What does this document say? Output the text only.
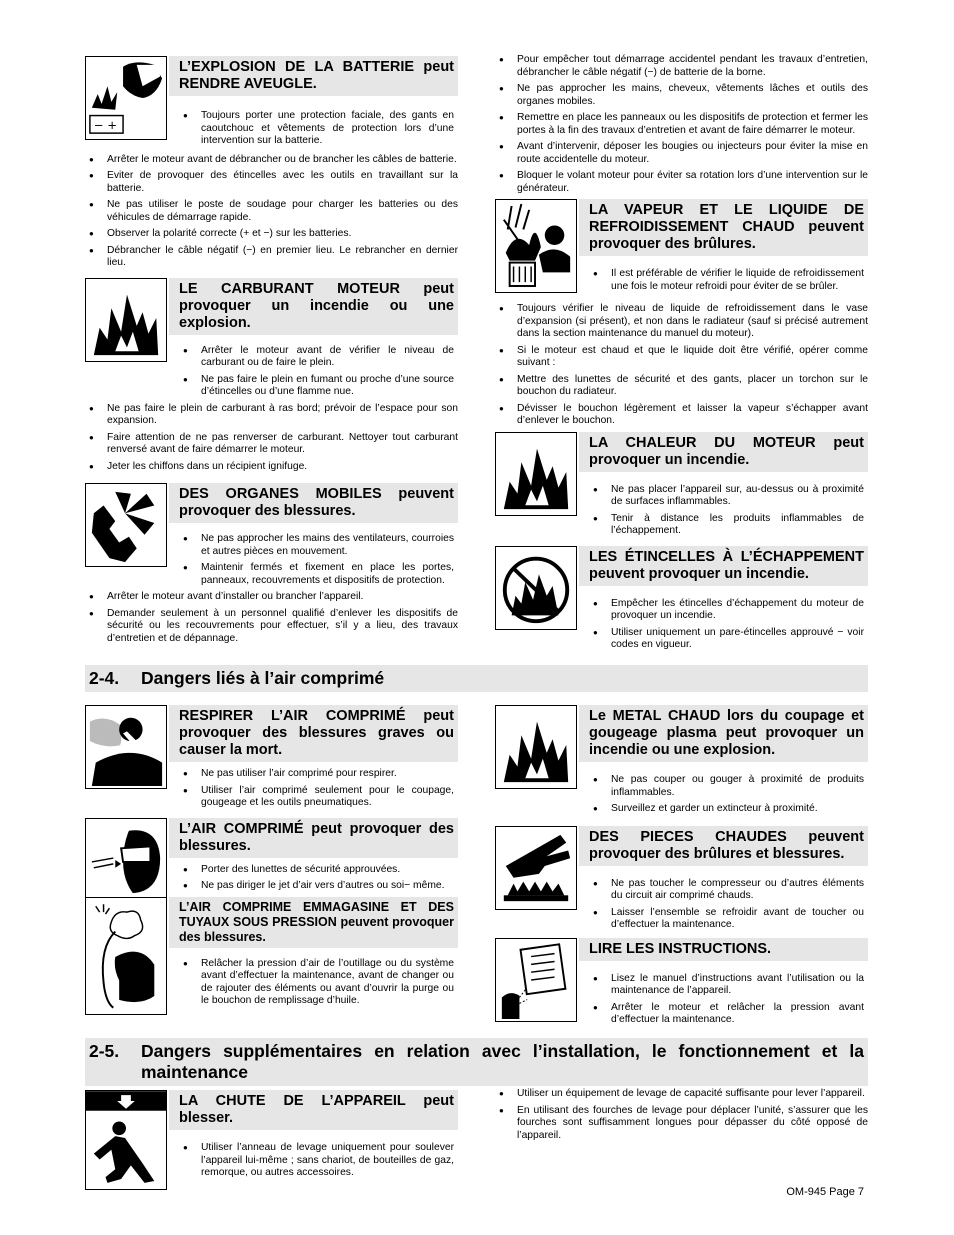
− +
L’EXPLOSION DE LA BATTERIE peut RENDRE AVEUGLE.
● Toujours porter une protection faciale, des gants en caoutchouc et vêtements de protection lors d’une intervention sur la batterie.
● Arrêter le moteur avant de débrancher ou de brancher les câbles de batterie.
● Eviter de provoquer des étincelles avec les outils en travaillant sur la batterie.
● Ne pas utiliser le poste de soudage pour charger les batteries ou des véhicules de démarrage rapide.
● Observer la polarité correcte (+ et −) sur les batteries.
● Débrancher le câble négatif (−) en premier lieu. Le rebrancher en dernier lieu.
LE CARBURANT MOTEUR peut provoquer un incendie ou une explosion.
● Arrêter le moteur avant de vérifier le niveau de carburant ou de faire le plein.
● Ne pas faire le plein en fumant ou proche d’une source d’étincelles ou d’une flamme nue.
● Ne pas faire le plein de carburant à ras bord; prévoir de l’espace pour son expansion.
● Faire attention de ne pas renverser de carburant. Nettoyer tout carburant renversé avant de faire démarrer le moteur.
● Jeter les chiffons dans un récipient ignifuge.
DES ORGANES MOBILES peuvent provoquer des blessures.
● Ne pas approcher les mains des ventilateurs, courroies et autres pièces en mouvement.
● Maintenir fermés et fixement en place les portes, panneaux, recouvrements et dispositifs de protection.
● Arrêter le moteur avant d’installer ou brancher l’appareil.
● Demander seulement à un personnel qualifié d’enlever les dispositifs de sécurité ou les recouvrements pour effectuer, s’il y a lieu, des travaux d’entretien et de dépannage.
● Pour empêcher tout démarrage accidentel pendant les travaux d’entretien, débrancher le câble négatif (−) de batterie de la borne.
● Ne pas approcher les mains, cheveux, vêtements lâches et outils des organes mobiles.
● Remettre en place les panneaux ou les dispositifs de protection et fermer les portes à la fin des travaux d’entretien et avant de faire démarrer le moteur.
● Avant d’intervenir, déposer les bougies ou injecteurs pour éviter la mise en route accidentelle du moteur.
● Bloquer le volant moteur pour éviter sa rotation lors d’une intervention sur le générateur.
LA VAPEUR ET LE LIQUIDE DE REFROIDISSEMENT CHAUD peuvent provoquer des brûlures.
● Il est préférable de vérifier le liquide de refroidissement une fois le moteur refroidi pour éviter de se brûler.
● Toujours vérifier le niveau de liquide de refroidissement dans le vase d’expansion (si présent), et non dans le radiateur (sauf si précisé autrement dans la section maintenance du manuel du moteur).
● Si le moteur est chaud et que le liquide doit être vérifié, opérer comme suivant :
● Mettre des lunettes de sécurité et des gants, placer un torchon sur le bouchon du radiateur.
● Dévisser le bouchon légèrement et laisser la vapeur s’échapper avant d’enlever le bouchon.
LA CHALEUR DU MOTEUR peut provoquer un incendie.
● Ne pas placer l’appareil sur, au-dessus ou à proximité de surfaces inflammables.
● Tenir à distance les produits inflammables de l’échappement.
LES ÉTINCELLES À L’ÉCHAPPEMENT peuvent provoquer un incendie.
● Empêcher les étincelles d’échappement du moteur de provoquer un incendie.
● Utiliser uniquement un pare-étincelles approuvé − voir codes en vigueur.
2-4. Dangers liés à l’air comprimé
RESPIRER L’AIR COMPRIMÉ peut provoquer des blessures graves ou causer la mort.
● Ne pas utiliser l’air comprimé pour respirer.
● Utiliser l’air comprimé seulement pour le coupage, gougeage et les outils pneumatiques.
L’AIR COMPRIMÉ peut provoquer des blessures.
● Porter des lunettes de sécurité approuvées.
● Ne pas diriger le jet d’air vers d’autres ou soi− même.
L’AIR COMPRIME EMMAGASINE ET DES TUYAUX SOUS PRESSION peuvent provoquer des blessures.
● Relâcher la pression d’air de l’outillage ou du système avant d’effectuer la maintenance, avant de changer ou de rajouter des éléments ou avant d’ouvrir la purge ou le bouchon de remplissage d’huile.
Le METAL CHAUD lors du coupage et gougeage plasma peut provoquer un incendie ou une explosion.
● Ne pas couper ou gouger à proximité de produits inflammables.
● Surveillez et garder un extincteur à proximité.
DES PIECES CHAUDES peuvent provoquer des brûlures et blessures.
● Ne pas toucher le compresseur ou d’autres éléments du circuit air comprimé chauds.
● Laisser l’ensemble se refroidir avant de toucher ou d’effectuer la maintenance.
LIRE LES INSTRUCTIONS.
● Lisez le manuel d’instructions avant l’utilisation ou la maintenance de l’appareil.
● Arrêter le moteur et relâcher la pression avant d’effectuer la maintenance.
2-5. Dangers supplémentaires en relation avec l’installation, le fonctionnement et la maintenance
LA CHUTE DE L’APPAREIL peut blesser.
● Utiliser l’anneau de levage uniquement pour soulever l’appareil lui-même ; sans chariot, de bouteilles de gaz, remorque, ou autres accessoires.
● Utiliser un équipement de levage de capacité suffisante pour lever l’appareil.
● En utilisant des fourches de levage pour déplacer l’unité, s’assurer que les fourches sont suffisamment longues pour dépasser du côté opposé de l’appareil.
OM-945 Page 7
